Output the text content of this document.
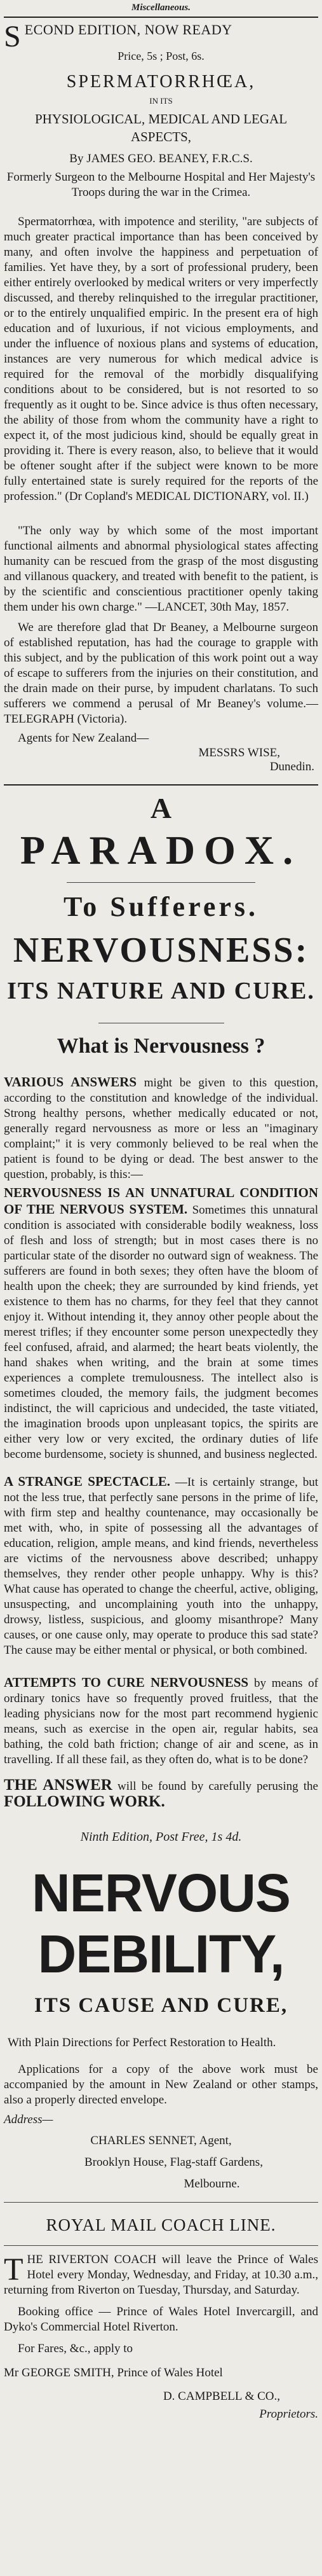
Miscellaneous.

S ECOND EDITION, NOW READY

Price, 5s ; Post, 6s.

SPERMATORRHŒA,

IN ITS

PHYSIOLOGICAL, MEDICAL AND LEGAL ASPECTS,

By JAMES GEO. BEANEY, F.R.C.S.

Formerly Surgeon to the Melbourne Hospital and Her Majesty's Troops during the war in the Crimea.

Spermatorrhœa, with impotence and sterility, "are subjects of much greater practical importance than has been conceived by many, and often involve the happiness and perpetuation of families. Yet have they, by a sort of professional prudery, been either entirely overlooked by medical writers or very imperfectly discussed, and thereby relinquished to the irregular practitioner, or to the entirely unqualified empiric. In the present era of high education and of luxurious, if not vicious employments, and under the influence of noxious plans and systems of education, instances are very numerous for which medical advice is required for the removal of the morbidly disqualifying conditions about to be considered, but is not resorted to so frequently as it ought to be. Since advice is thus often necessary, the ability of those from whom the community have a right to expect it, of the most judicious kind, should be equally great in providing it. There is every reason, also, to believe that it would be oftener sought after if the subject were known to be more fully entertained state is surely required for the reports of the profession." (Dr Copland's MEDICAL DICTIONARY, vol. II.)

"The only way by which some of the most important functional ailments and abnormal physiological states affecting humanity can be rescued from the grasp of the most disgusting and villanous quackery, and treated with benefit to the patient, is by the scientific and conscientious practitioner openly taking them under his own charge." —LANCET, 30th May, 1857.

We are therefore glad that Dr Beaney, a Melbourne surgeon of established reputation, has had the courage to grapple with this subject, and by the publication of this work point out a way of escape to sufferers from the injuries on their constitution, and the drain made on their purse, by impudent charlatans. To such sufferers we commend a perusal of Mr Beaney's volume.—TELEGRAPH (Victoria).

Agents for New Zealand—

MESSRS WISE,

Dunedin.

A

PARADOX.

To Sufferers.

NERVOUSNESS:

ITS NATURE AND CURE.

What is Nervousness ?

VARIOUS ANSWERS might be given to this question, according to the constitution and knowledge of the individual. Strong healthy persons, whether medically educated or not, generally regard nervousness as more or less an "imaginary complaint;" it is very commonly believed to be real when the patient is found to be dying or dead. The best answer to the question, probably, is this:—

NERVOUSNESS IS AN UNNATURAL CONDITION OF THE NERVOUS SYSTEM. Sometimes this unnatural condition is associated with considerable bodily weakness, loss of flesh and loss of strength; but in most cases there is no particular state of the disorder no outward sign of weakness. The sufferers are found in both sexes; they often have the bloom of health upon the cheek; they are surrounded by kind friends, yet existence to them has no charms, for they feel that they cannot enjoy it. Without intending it, they annoy other people about the merest trifles; if they encounter some person unexpectedly they feel confused, afraid, and alarmed; the heart beats violently, the hand shakes when writing, and the brain at some times experiences a complete tremulousness. The intellect also is sometimes clouded, the memory fails, the judgment becomes indistinct, the will capricious and undecided, the taste vitiated, the imagination broods upon unpleasant topics, the spirits are either very low or very excited, the ordinary duties of life become burdensome, society is shunned, and business neglected.

A STRANGE SPECTACLE. —It is certainly strange, but not the less true, that perfectly sane persons in the prime of life, with firm step and healthy countenance, may occasionally be met with, who, in spite of possessing all the advantages of education, religion, ample means, and kind friends, nevertheless are victims of the nervousness above described; unhappy themselves, they render other people unhappy. Why is this? What cause has operated to change the cheerful, active, obliging, unsuspecting, and uncomplaining youth into the unhappy, drowsy, listless, suspicious, and gloomy misanthrope? Many causes, or one cause only, may operate to produce this sad state? The cause may be either mental or physical, or both combined.

ATTEMPTS TO CURE NERVOUSNESS by means of ordinary tonics have so frequently proved fruitless, that the leading physicians now for the most part recommend hygienic means, such as exercise in the open air, regular habits, sea bathing, the cold bath friction; change of air and scene, as in travelling. If all these fail, as they often do, what is to be done?

THE ANSWER will be found by carefully perusing the FOLLOWING WORK.

Ninth Edition, Post Free, 1s 4d.

NERVOUS DEBILITY,

ITS CAUSE AND CURE,

With Plain Directions for Perfect Restoration to Health.

Applications for a copy of the above work must be accompanied by the amount in New Zealand or other stamps, also a properly directed envelope.

Address—

CHARLES SENNET, Agent,

Brooklyn House, Flag-staff Gardens,

Melbourne.

ROYAL MAIL COACH LINE.

T HE RIVERTON COACH will leave the Prince of Wales Hotel every Monday, Wednesday, and Friday, at 10.30 a.m., returning from Riverton on Tuesday, Thursday, and Saturday.

Booking office — Prince of Wales Hotel Invercargill, and Dyko's Commercial Hotel Riverton.

For Fares, &c., apply to

Mr GEORGE SMITH, Prince of Wales Hotel

D. CAMPBELL & CO.,

Proprietors.
